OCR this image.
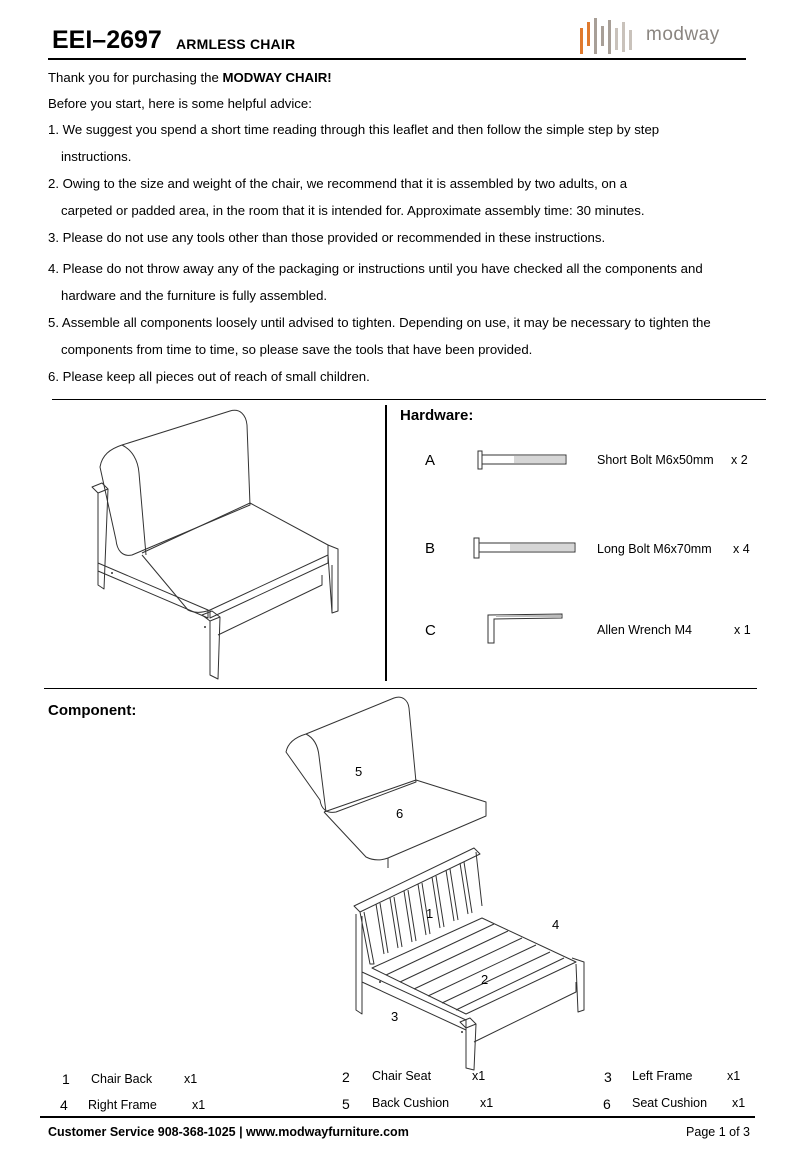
EEI–2697 ARMLESS CHAIR	modway
Thank you for purchasing the MODWAY CHAIR!
Before you start, here is some helpful advice:
1. We suggest you spend a short time reading through this leaflet and then follow the simple step by step
instructions.
2. Owing to the size and weight of the chair, we recommend that it is assembled by two adults, on a
carpeted or padded area, in the room that it is intended for. Approximate assembly time: 30 minutes.
3. Please do not use any tools other than those provided or recommended in these instructions.
4. Please do not throw away any of the packaging or instructions until you have checked all the components and
hardware and the furniture is fully assembled.
5. Assemble all components loosely until advised to tighten. Depending on use, it may be necessary to tighten the
components from time to time, so please save the tools that have been provided.
6. Please keep all pieces out of reach of small children.
Hardware:
A	Short Bolt M6x50mm x 2
B	Long Bolt M6x70mm x 4
C	Allen Wrench M4	x 1
Component:
5
6
1
4
2
3
1 Chair Back	x1	2 Chair Seat	x1	3 Left Frame	x1
4 Right Frame	x1	5 Back Cushion x1	6 Seat Cushion x1
Customer Service 908-368-1025 | www.modwayfurniture.com	Page 1 of 3
